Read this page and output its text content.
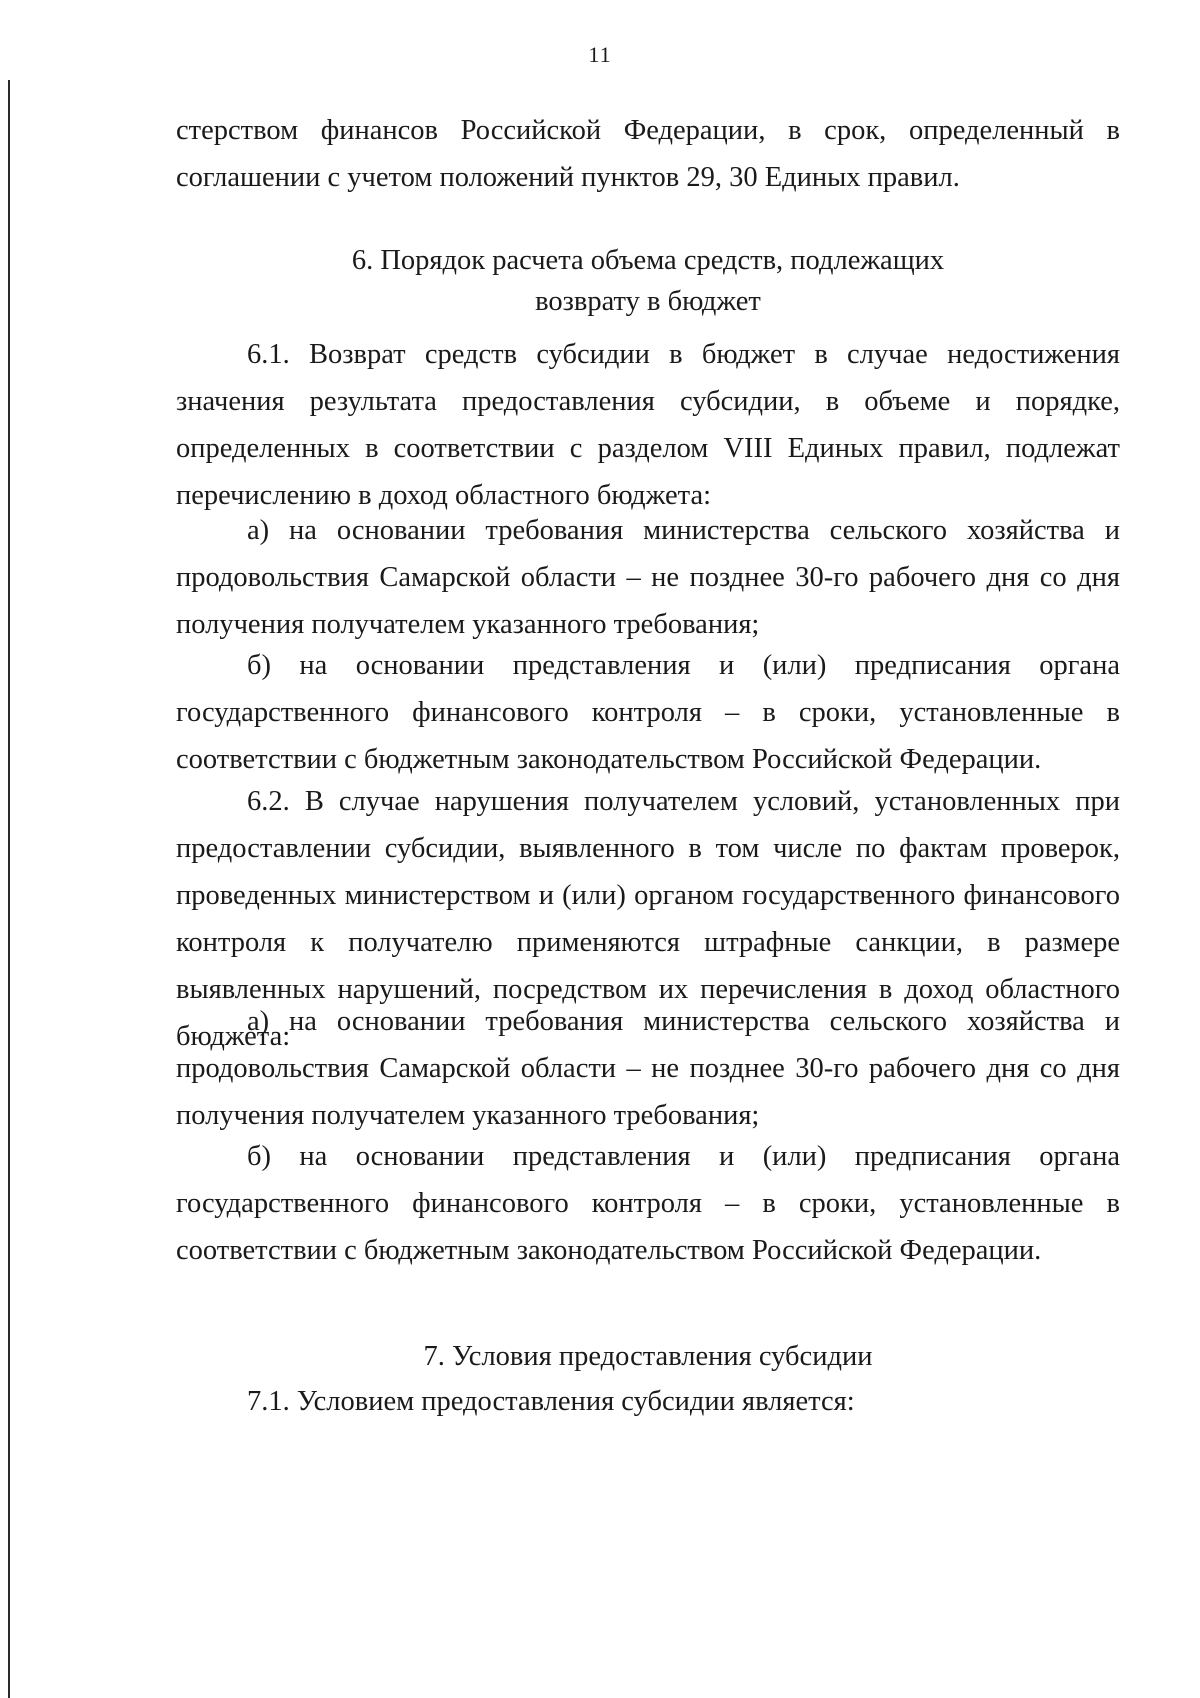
11

стерством финансов Российской Федерации, в срок, определенный в соглашении с учетом положений пунктов 29, 30 Единых правил.

6. Порядок расчета объема средств, подлежащих
возврату в бюджет

6.1. Возврат средств субсидии в бюджет в случае недостижения значения результата предоставления субсидии, в объеме и порядке, определенных в соответствии с разделом VIII Единых правил, подлежат перечислению в доход областного бюджета:

а) на основании требования министерства сельского хозяйства и продовольствия Самарской области – не позднее 30-го рабочего дня со дня получения получателем указанного требования;

б) на основании представления и (или) предписания органа государственного финансового контроля – в сроки, установленные в соответствии с бюджетным законодательством Российской Федерации.

6.2. В случае нарушения получателем условий, установленных при предоставлении субсидии, выявленного в том числе по фактам проверок, проведенных министерством и (или) органом государственного финансового контроля к получателю применяются штрафные санкции, в размере выявленных нарушений, посредством их перечисления в доход областного бюджета:

а) на основании требования министерства сельского хозяйства и продовольствия Самарской области – не позднее 30-го рабочего дня со дня получения получателем указанного требования;

б) на основании представления и (или) предписания органа государственного финансового контроля – в сроки, установленные в соответствии с бюджетным законодательством Российской Федерации.

7. Условия предоставления субсидии

7.1. Условием предоставления субсидии является:
